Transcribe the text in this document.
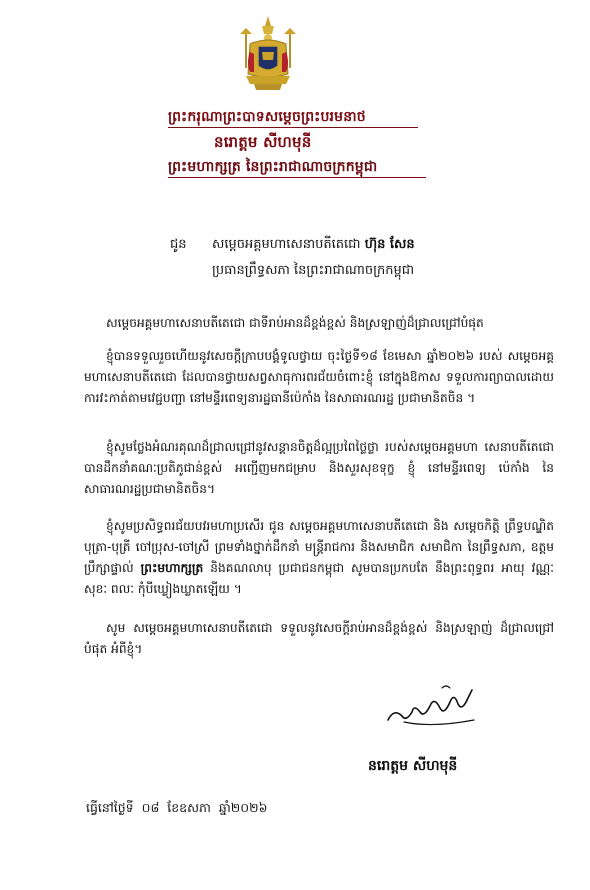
ព្រះករុណាព្រះបាទសម្ដេចព្រះបរមនាថ
នរោត្ដម សីហមុនី
ព្រះមហាក្សត្រ នៃព្រះរាជាណាចក្រកម្ពុជា
ជូន សម្ដេចអគ្គមហាសេនាបតីតេជោ ហ៊ុន សែន
ប្រធានព្រឹទ្ធសភា នៃព្រះរាជាណាចក្រកម្ពុជា
សម្ដេចអគ្គមហាសេនាបតីតេជោ ជាទីរាប់អានដ៏ខ្ពង់ខ្ពស់ និងស្រឡាញ់ដ៏ជ្រាលជ្រៅបំផុត
ខ្ញុំបានទទួលរួចហើយនូវសេចក្ដីក្រាបបង្គំទូលថ្វាយ ចុះថ្ងៃទី១៨ ខែមេសា ឆ្នាំ២០២៦ របស់ សម្ដេចអគ្គមហាសេនាបតីតេជោ ដែលបានថ្វាយសព្វសាធុការពរជ័យចំពោះខ្ញុំ នៅក្នុងឱកាស ទទួលការព្យាបាលដោយការវះកាត់តាមវេជ្ជបញ្ជា នៅមន្ទីរពេទ្យនារដ្ឋធានីប៉េកាំង នៃសាធារណរដ្ឋ ប្រជាមានិតចិន ។
ខ្ញុំសូមថ្លែងអំណរគុណដ៏ជ្រាលជ្រៅនូវសន្ដានចិត្តដ៏ល្អប្រពៃថ្លៃថ្លា របស់សម្ដេចអគ្គមហា សេនាបតីតេជោ បានដឹកនាំគណៈប្រតិភូជាន់ខ្ពស់ អញ្ជើញមកជម្រាប និងសួរសុខទុក្ខ ខ្ញុំ នៅមន្ទីរពេទ្យ ប៉េកាំង នៃសាធារណរដ្ឋប្រជាមានិតចិន។
ខ្ញុំសូមប្រសិទ្ធពរជ័យបវរមហាប្រសើរ ជូន សម្ដេចអគ្គមហាសេនាបតីតេជោ និង សម្ដេចកិត្តិ ព្រឹទ្ធបណ្ឌិត បុត្រា-បុត្រី ចៅប្រុស-ចៅស្រី ព្រមទាំងថ្នាក់ដឹកនាំ មន្ត្រីរាជការ និងសមាជិក សមាជិកា នៃព្រឹទ្ធសភា, ឧត្ដមប្រឹក្សាផ្ទាល់ ព្រះមហាក្សត្រ និងគណលាបុ ប្រជាជនកម្ពុជា សូមបានប្រកបតែ នឹងព្រះពុទ្ធពរ អាយុ វណ្ណៈ សុខៈ ពលៈ កុំបីឃ្លៀងឃ្លាតឡើយ ។
សូម សម្ដេចអគ្គមហាសេនាបតីតេជោ ទទួលនូវសេចក្ដីរាប់អានដ៏ខ្ពង់ខ្ពស់ និងស្រឡាញ់ ដ៏ជ្រាលជ្រៅបំផុត អំពីខ្ញុំ។
នរោត្ដម សីហមុនី
ធ្វើនៅថ្ងៃទី ០៨ ខែឧសភា ឆ្នាំ២០២៦
